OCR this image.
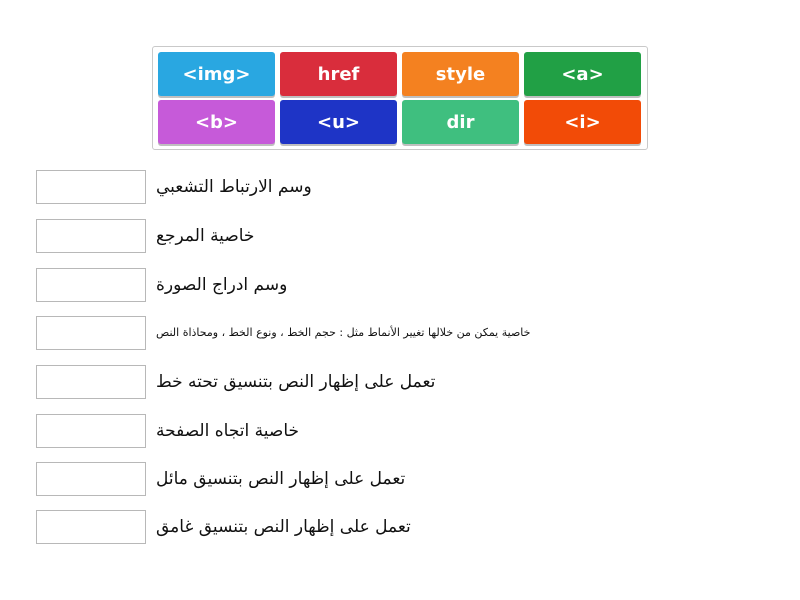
<img>	href	style	<a>
<b>	<u>	dir	<i>
وسم الارتباط التشعبي
خاصية المرجع
وسم ادراج الصورة
خاصية يمكن من خلالها تغيير الأنماط مثل : حجم الخط ، ونوع الخط ، ومحاذاة النص
تعمل على إظهار النص بتنسيق تحته خط
خاصية اتجاه الصفحة
تعمل على إظهار النص بتنسيق مائل
تعمل على إظهار النص بتنسيق غامق
